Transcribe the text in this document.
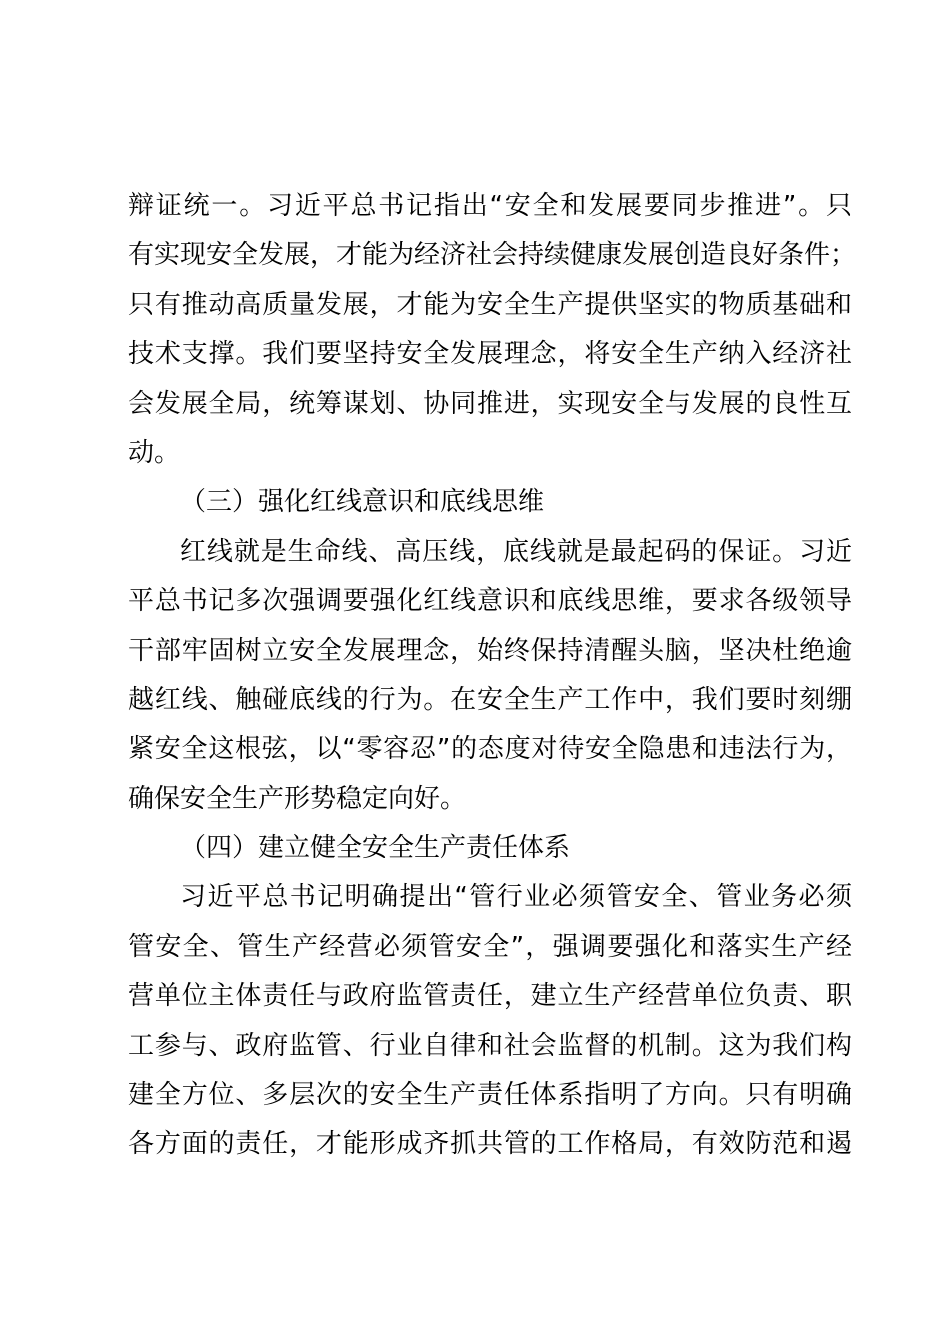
辩证统一。习近平总书记指出“安全和发展要同步推进”。只
有实现安全发展，才能为经济社会持续健康发展创造良好条件；
只有推动高质量发展，才能为安全生产提供坚实的物质基础和
技术支撑。我们要坚持安全发展理念，将安全生产纳入经济社
会发展全局，统筹谋划、协同推进，实现安全与发展的良性互
动。
（三）强化红线意识和底线思维
红线就是生命线、高压线，底线就是最起码的保证。习近
平总书记多次强调要强化红线意识和底线思维，要求各级领导
干部牢固树立安全发展理念，始终保持清醒头脑，坚决杜绝逾
越红线、触碰底线的行为。在安全生产工作中，我们要时刻绷
紧安全这根弦，以“零容忍”的态度对待安全隐患和违法行为，
确保安全生产形势稳定向好。
（四）建立健全安全生产责任体系
习近平总书记明确提出“管行业必须管安全、管业务必须
管安全、管生产经营必须管安全”，强调要强化和落实生产经
营单位主体责任与政府监管责任，建立生产经营单位负责、职
工参与、政府监管、行业自律和社会监督的机制。这为我们构
建全方位、多层次的安全生产责任体系指明了方向。只有明确
各方面的责任，才能形成齐抓共管的工作格局，有效防范和遏
